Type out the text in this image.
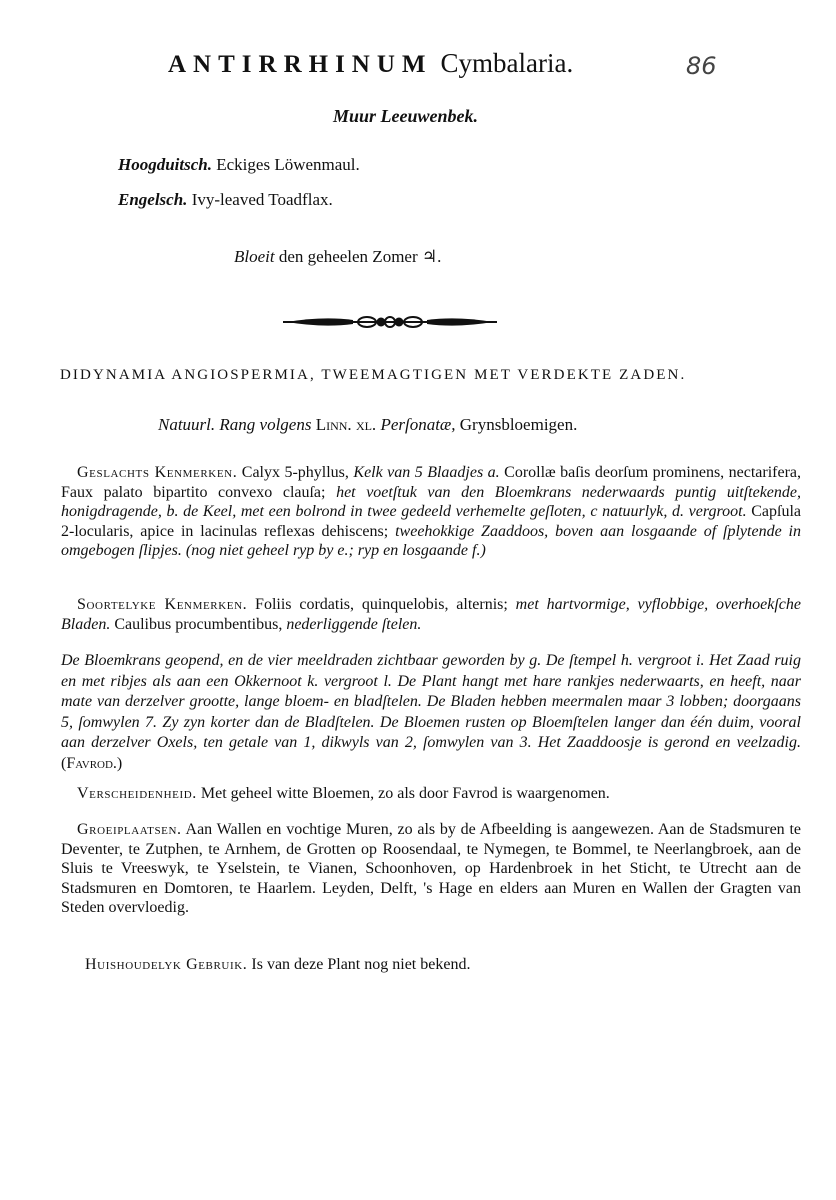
ANTIRRHINUM Cymbalaria.	86
Muur Leeuwenbek.
Hoogduitsch. Eckiges Löwenmaul.
Engelsch. Ivy-leaved Toadflax.
Bloeit den geheelen Zomer ♃.
DIDYNAMIA ANGIOSPERMIA, TWEEMAGTIGEN MET VERDEKTE ZADEN.
Natuurl. Rang volgens Linn. xl. Perſonatæ, Grynsbloemigen.
Geslachts Kenmerken. Calyx 5-phyllus, Kelk van 5 Blaadjes a. Corollæ baſis deorſum prominens, nectarifera, Faux palato bipartito convexo clauſa; het voetſtuk van den Bloemkrans nederwaards puntig uitſtekende, honigdragende, b. de Keel, met een bolrond in twee gedeeld verhemelte geſloten, c natuurlyk, d. vergroot. Capſula 2-locularis, apice in lacinulas reflexas dehiscens; tweehokkige Zaaddoos, boven aan losgaande of ſplytende in omgebogen ſlipjes. (nog niet geheel ryp by e.; ryp en losgaande f.)
Soortelyke Kenmerken. Foliis cordatis, quinquelobis, alternis; met hartvormige, vyflobbige, overhoekſche Bladen. Caulibus procumbentibus, nederliggende ſtelen.
De Bloemkrans geopend, en de vier meeldraden zichtbaar geworden by g. De ſtempel h. vergroot i. Het Zaad ruig en met ribjes als aan een Okkernoot k. vergroot l. De Plant hangt met hare rankjes nederwaarts, en heeft, naar mate van derzelver grootte, lange bloem- en bladſtelen. De Bladen hebben meermalen maar 3 lobben; doorgaans 5, ſomwylen 7. Zy zyn korter dan de Bladſtelen. De Bloemen rusten op Bloemſtelen langer dan één duim, vooral aan derzelver Oxels, ten getale van 1, dikwyls van 2, ſomwylen van 3. Het Zaaddoosje is gerond en veelzadig. (Favrod.)
Verscheidenheid. Met geheel witte Bloemen, zo als door Favrod is waargenomen.
Groeiplaatsen. Aan Wallen en vochtige Muren, zo als by de Afbeelding is aangewezen. Aan de Stadsmuren te Deventer, te Zutphen, te Arnhem, de Grotten op Roosendaal, te Nymegen, te Bommel, te Neerlangbroek, aan de Sluis te Vreeswyk, te Yselstein, te Vianen, Schoonhoven, op Hardenbroek in het Sticht, te Utrecht aan de Stadsmuren en Domtoren, te Haarlem. Leyden, Delft, 's Hage en elders aan Muren en Wallen der Gragten van Steden overvloedig.
Huishoudelyk Gebruik. Is van deze Plant nog niet bekend.
